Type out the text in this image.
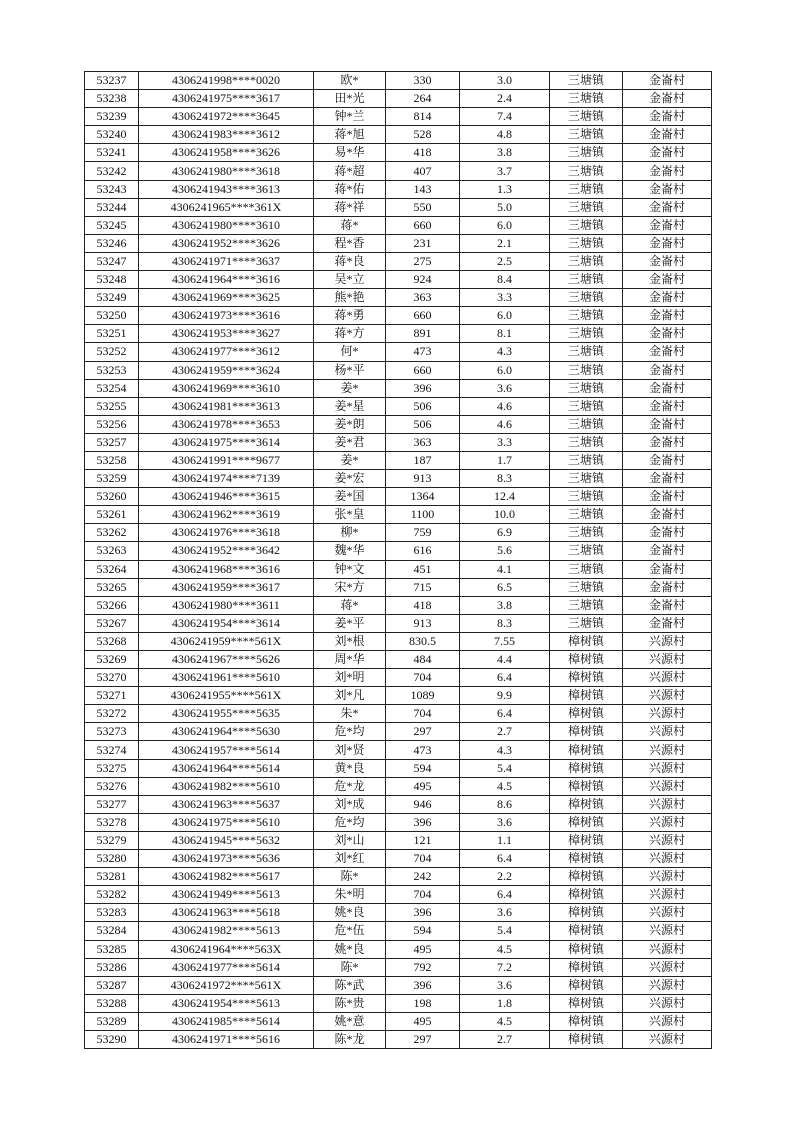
53237	4306241998****0020	欧*	330	3.0	三塘镇	金崙村
53238	4306241975****3617	田*光	264	2.4	三塘镇	金崙村
53239	4306241972****3645	钟*兰	814	7.4	三塘镇	金崙村
53240	4306241983****3612	蒋*旭	528	4.8	三塘镇	金崙村
53241	4306241958****3626	易*华	418	3.8	三塘镇	金崙村
53242	4306241980****3618	蒋*超	407	3.7	三塘镇	金崙村
53243	4306241943****3613	蒋*佑	143	1.3	三塘镇	金崙村
53244	4306241965****361X	蒋*祥	550	5.0	三塘镇	金崙村
53245	4306241980****3610	蒋*	660	6.0	三塘镇	金崙村
53246	4306241952****3626	程*香	231	2.1	三塘镇	金崙村
53247	4306241971****3637	蒋*良	275	2.5	三塘镇	金崙村
53248	4306241964****3616	吴*立	924	8.4	三塘镇	金崙村
53249	4306241969****3625	熊*艳	363	3.3	三塘镇	金崙村
53250	4306241973****3616	蒋*勇	660	6.0	三塘镇	金崙村
53251	4306241953****3627	蒋*方	891	8.1	三塘镇	金崙村
53252	4306241977****3612	何*	473	4.3	三塘镇	金崙村
53253	4306241959****3624	杨*平	660	6.0	三塘镇	金崙村
53254	4306241969****3610	姜*	396	3.6	三塘镇	金崙村
53255	4306241981****3613	姜*星	506	4.6	三塘镇	金崙村
53256	4306241978****3653	姜*朗	506	4.6	三塘镇	金崙村
53257	4306241975****3614	姜*君	363	3.3	三塘镇	金崙村
53258	4306241991****9677	姜*	187	1.7	三塘镇	金崙村
53259	4306241974****7139	姜*宏	913	8.3	三塘镇	金崙村
53260	4306241946****3615	姜*国	1364	12.4	三塘镇	金崙村
53261	4306241962****3619	张*皇	1100	10.0	三塘镇	金崙村
53262	4306241976****3618	柳*	759	6.9	三塘镇	金崙村
53263	4306241952****3642	魏*华	616	5.6	三塘镇	金崙村
53264	4306241968****3616	钟*文	451	4.1	三塘镇	金崙村
53265	4306241959****3617	宋*方	715	6.5	三塘镇	金崙村
53266	4306241980****3611	蒋*	418	3.8	三塘镇	金崙村
53267	4306241954****3614	姜*平	913	8.3	三塘镇	金崙村
53268	4306241959****561X	刘*根	830.5	7.55	樟树镇	兴源村
53269	4306241967****5626	周*华	484	4.4	樟树镇	兴源村
53270	4306241961****5610	刘*明	704	6.4	樟树镇	兴源村
53271	4306241955****561X	刘*凡	1089	9.9	樟树镇	兴源村
53272	4306241955****5635	朱*	704	6.4	樟树镇	兴源村
53273	4306241964****5630	危*均	297	2.7	樟树镇	兴源村
53274	4306241957****5614	刘*贤	473	4.3	樟树镇	兴源村
53275	4306241964****5614	黄*良	594	5.4	樟树镇	兴源村
53276	4306241982****5610	危*龙	495	4.5	樟树镇	兴源村
53277	4306241963****5637	刘*成	946	8.6	樟树镇	兴源村
53278	4306241975****5610	危*均	396	3.6	樟树镇	兴源村
53279	4306241945****5632	刘*山	121	1.1	樟树镇	兴源村
53280	4306241973****5636	刘*红	704	6.4	樟树镇	兴源村
53281	4306241982****5617	陈*	242	2.2	樟树镇	兴源村
53282	4306241949****5613	朱*明	704	6.4	樟树镇	兴源村
53283	4306241963****5618	姚*良	396	3.6	樟树镇	兴源村
53284	4306241982****5613	危*伍	594	5.4	樟树镇	兴源村
53285	4306241964****563X	姚*良	495	4.5	樟树镇	兴源村
53286	4306241977****5614	陈*	792	7.2	樟树镇	兴源村
53287	4306241972****561X	陈*武	396	3.6	樟树镇	兴源村
53288	4306241954****5613	陈*贵	198	1.8	樟树镇	兴源村
53289	4306241985****5614	姚*意	495	4.5	樟树镇	兴源村
53290	4306241971****5616	陈*龙	297	2.7	樟树镇	兴源村
